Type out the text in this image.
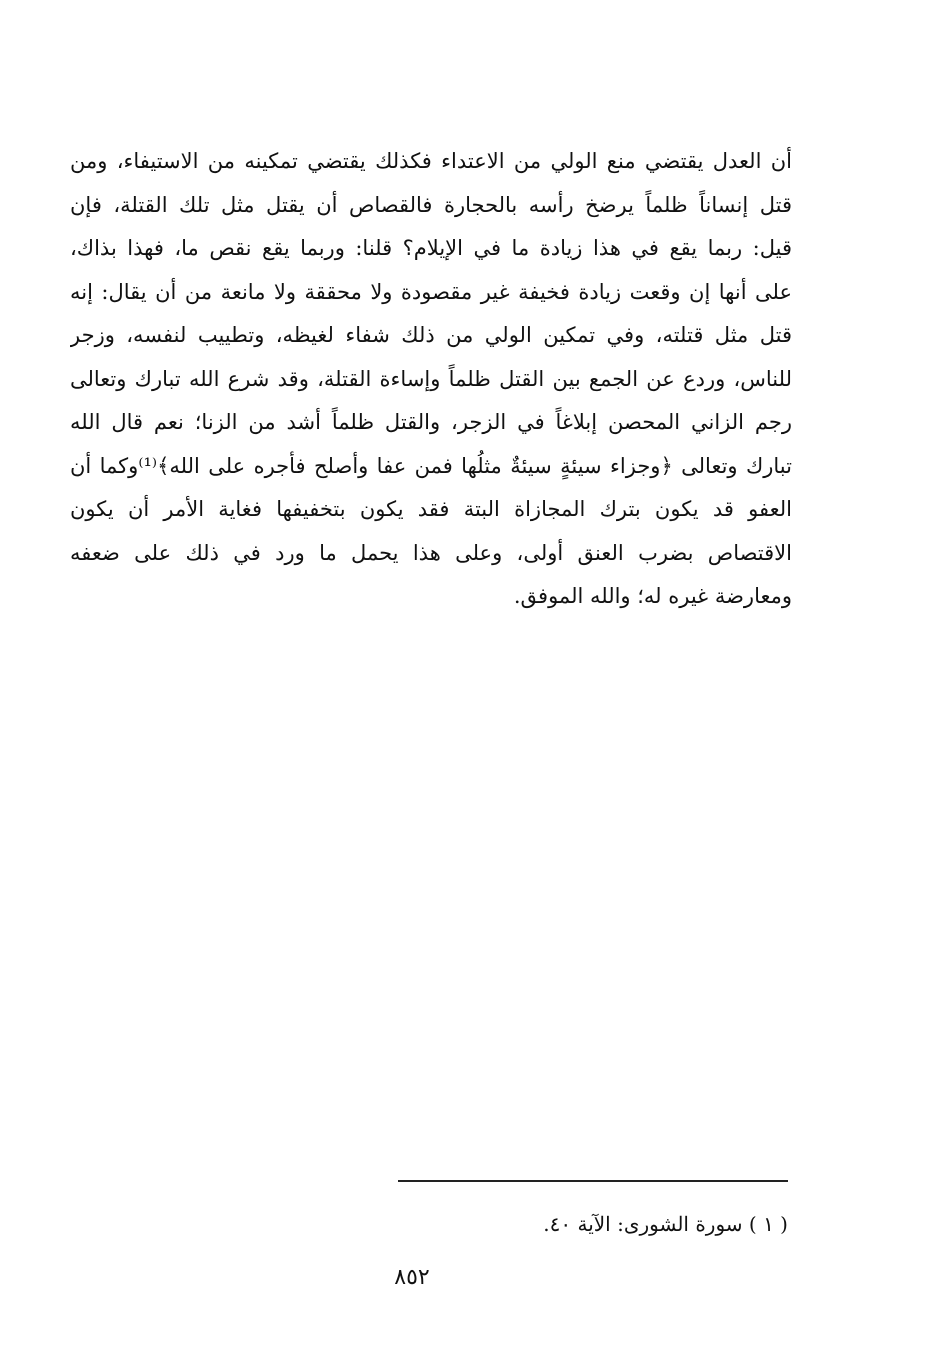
أن العدل يقتضي منع الولي من الاعتداء فكذلك يقتضي تمكينه من الاستيفاء، ومن
قتل إنساناً ظلماً يرضخ رأسه بالحجارة فالقصاص أن يقتل مثل تلك القتلة، فإن
قيل: ربما يقع في هذا زيادة ما في الإيلام؟ قلنا: وربما يقع نقص ما، فهذا بذاك،
على أنها إن وقعت زيادة فخيفة غير مقصودة ولا محققة ولا مانعة من أن يقال: إنه
قتل مثل قتلته، وفي تمكين الولي من ذلك شفاء لغيظه، وتطييب لنفسه، وزجر
للناس، وردع عن الجمع بين القتل ظلماً وإساءة القتلة، وقد شرع الله تبارك وتعالى
رجم الزاني المحصن إبلاغاً في الزجر، والقتل ظلماً أشد من الزنا؛ نعم قال الله
تبارك وتعالى ﴿وجزاء سيئةٍ سيئةٌ مثلُها فمن عفا وأصلح فأجره على الله﴾⁽¹⁾وكما أن
العفو قد يكون بترك المجازاة البتة فقد يكون بتخفيفها فغاية الأمر أن يكون
الاقتصاص بضرب العنق أولى، وعلى هذا يحمل ما ورد في ذلك على ضعفه
ومعارضة غيره له؛ والله الموفق.
( ١ ) سورة الشورى: الآية ٤٠.
٨٥٢
